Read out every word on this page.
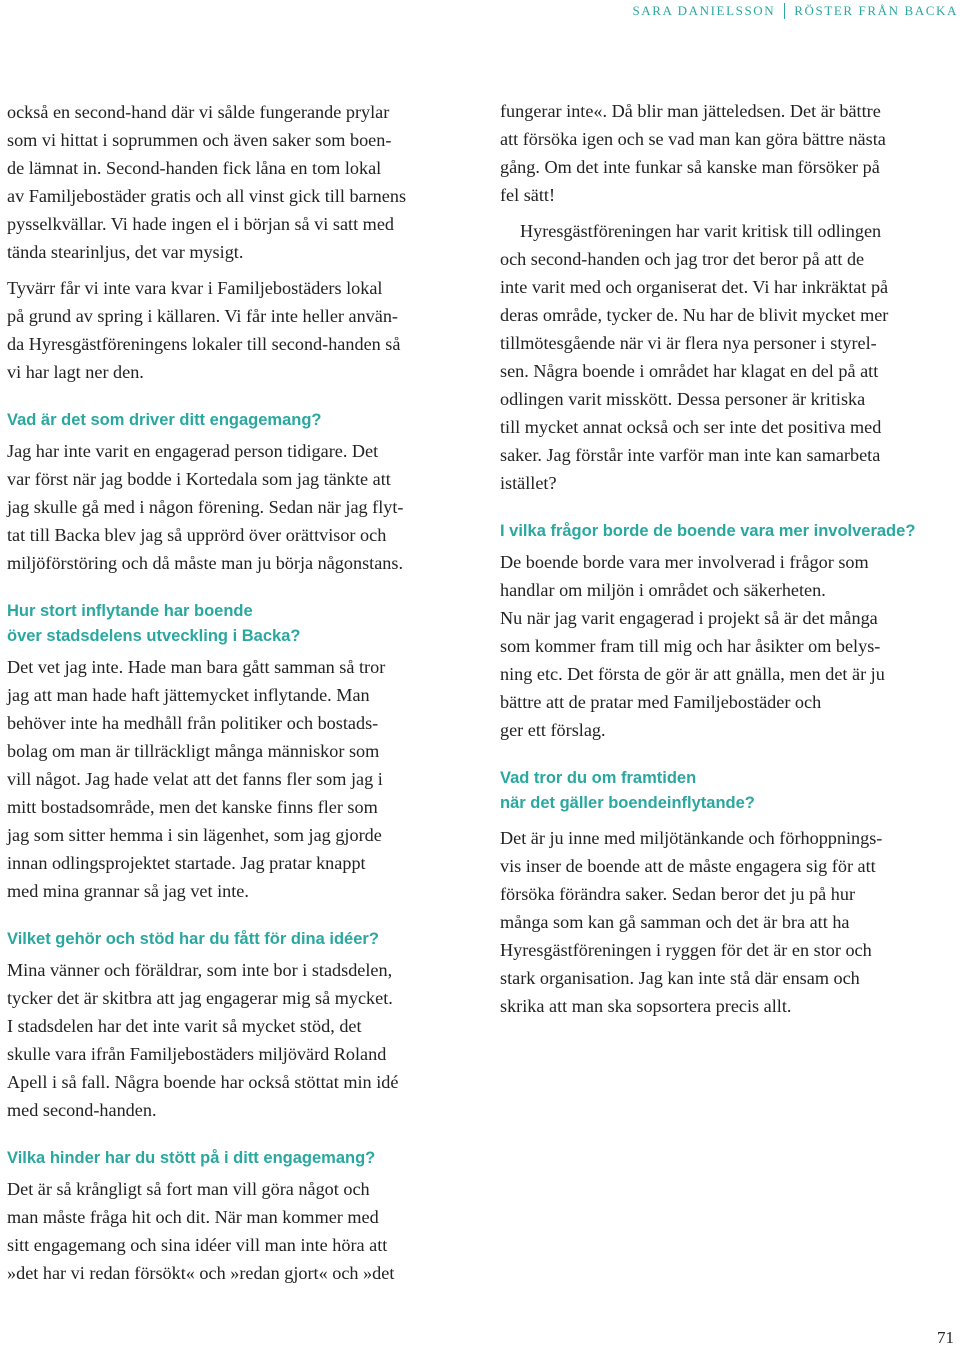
SARA DANIELSSON RÖSTER FRÅN BACKA

också en second-hand där vi sålde fungerande prylar
som vi hittat i soprummen och även saker som boen-
de lämnat in. Second-handen fick låna en tom lokal
av Familjebostäder gratis och all vinst gick till barnens
pysselkvällar. Vi hade ingen el i början så vi satt med
tända stearinljus, det var mysigt.

Tyvärr får vi inte vara kvar i Familjebostäders lokal
på grund av spring i källaren. Vi får inte heller använ-
da Hyresgästföreningens lokaler till second-handen så
vi har lagt ner den.

Vad är det som driver ditt engagemang?

Jag har inte varit en engagerad person tidigare. Det
var först när jag bodde i Kortedala som jag tänkte att
jag skulle gå med i någon förening. Sedan när jag flyt-
tat till Backa blev jag så upprörd över orättvisor och
miljöförstöring och då måste man ju börja någonstans.

Hur stort inflytande har boende
över stadsdelens utveckling i Backa?

Det vet jag inte. Hade man bara gått samman så tror
jag att man hade haft jättemycket inflytande. Man
behöver inte ha medhåll från politiker och bostads-
bolag om man är tillräckligt många människor som
vill något. Jag hade velat att det fanns fler som jag i
mitt bostadsområde, men det kanske finns fler som
jag som sitter hemma i sin lägenhet, som jag gjorde
innan odlingsprojektet startade. Jag pratar knappt
med mina grannar så jag vet inte.

Vilket gehör och stöd har du fått för dina idéer?

Mina vänner och föräldrar, som inte bor i stadsdelen,
tycker det är skitbra att jag engagerar mig så mycket.
I stadsdelen har det inte varit så mycket stöd, det
skulle vara ifrån Familjebostäders miljövärd Roland
Apell i så fall. Några boende har också stöttat min idé
med second-handen.

Vilka hinder har du stött på i ditt engagemang?

Det är så krångligt så fort man vill göra något och
man måste fråga hit och dit. När man kommer med
sitt engagemang och sina idéer vill man inte höra att
»det har vi redan försökt« och »redan gjort« och »det

fungerar inte«. Då blir man jätteledsen. Det är bättre
att försöka igen och se vad man kan göra bättre nästa
gång. Om det inte funkar så kanske man försöker på
fel sätt!

Hyresgästföreningen har varit kritisk till odlingen
och second-handen och jag tror det beror på att de
inte varit med och organiserat det. Vi har inkräktat på
deras område, tycker de. Nu har de blivit mycket mer
tillmötesgående när vi är flera nya personer i styrel-
sen. Några boende i området har klagat en del på att
odlingen varit misskött. Dessa personer är kritiska
till mycket annat också och ser inte det positiva med
saker. Jag förstår inte varför man inte kan samarbeta
istället?

I vilka frågor borde de boende vara mer involverade?

De boende borde vara mer involverad i frågor som
handlar om miljön i området och säkerheten.
Nu när jag varit engagerad i projekt så är det många
som kommer fram till mig och har åsikter om belys-
ning etc. Det första de gör är att gnälla, men det är ju
bättre att de pratar med Familjebostäder och
ger ett förslag.

Vad tror du om framtiden
när det gäller boendeinflytande?

Det är ju inne med miljötänkande och förhoppnings-
vis inser de boende att de måste engagera sig för att
försöka förändra saker. Sedan beror det ju på hur
många som kan gå samman och det är bra att ha
Hyresgästföreningen i ryggen för det är en stor och
stark organisation. Jag kan inte stå där ensam och
skrika att man ska sopsortera precis allt.

71
